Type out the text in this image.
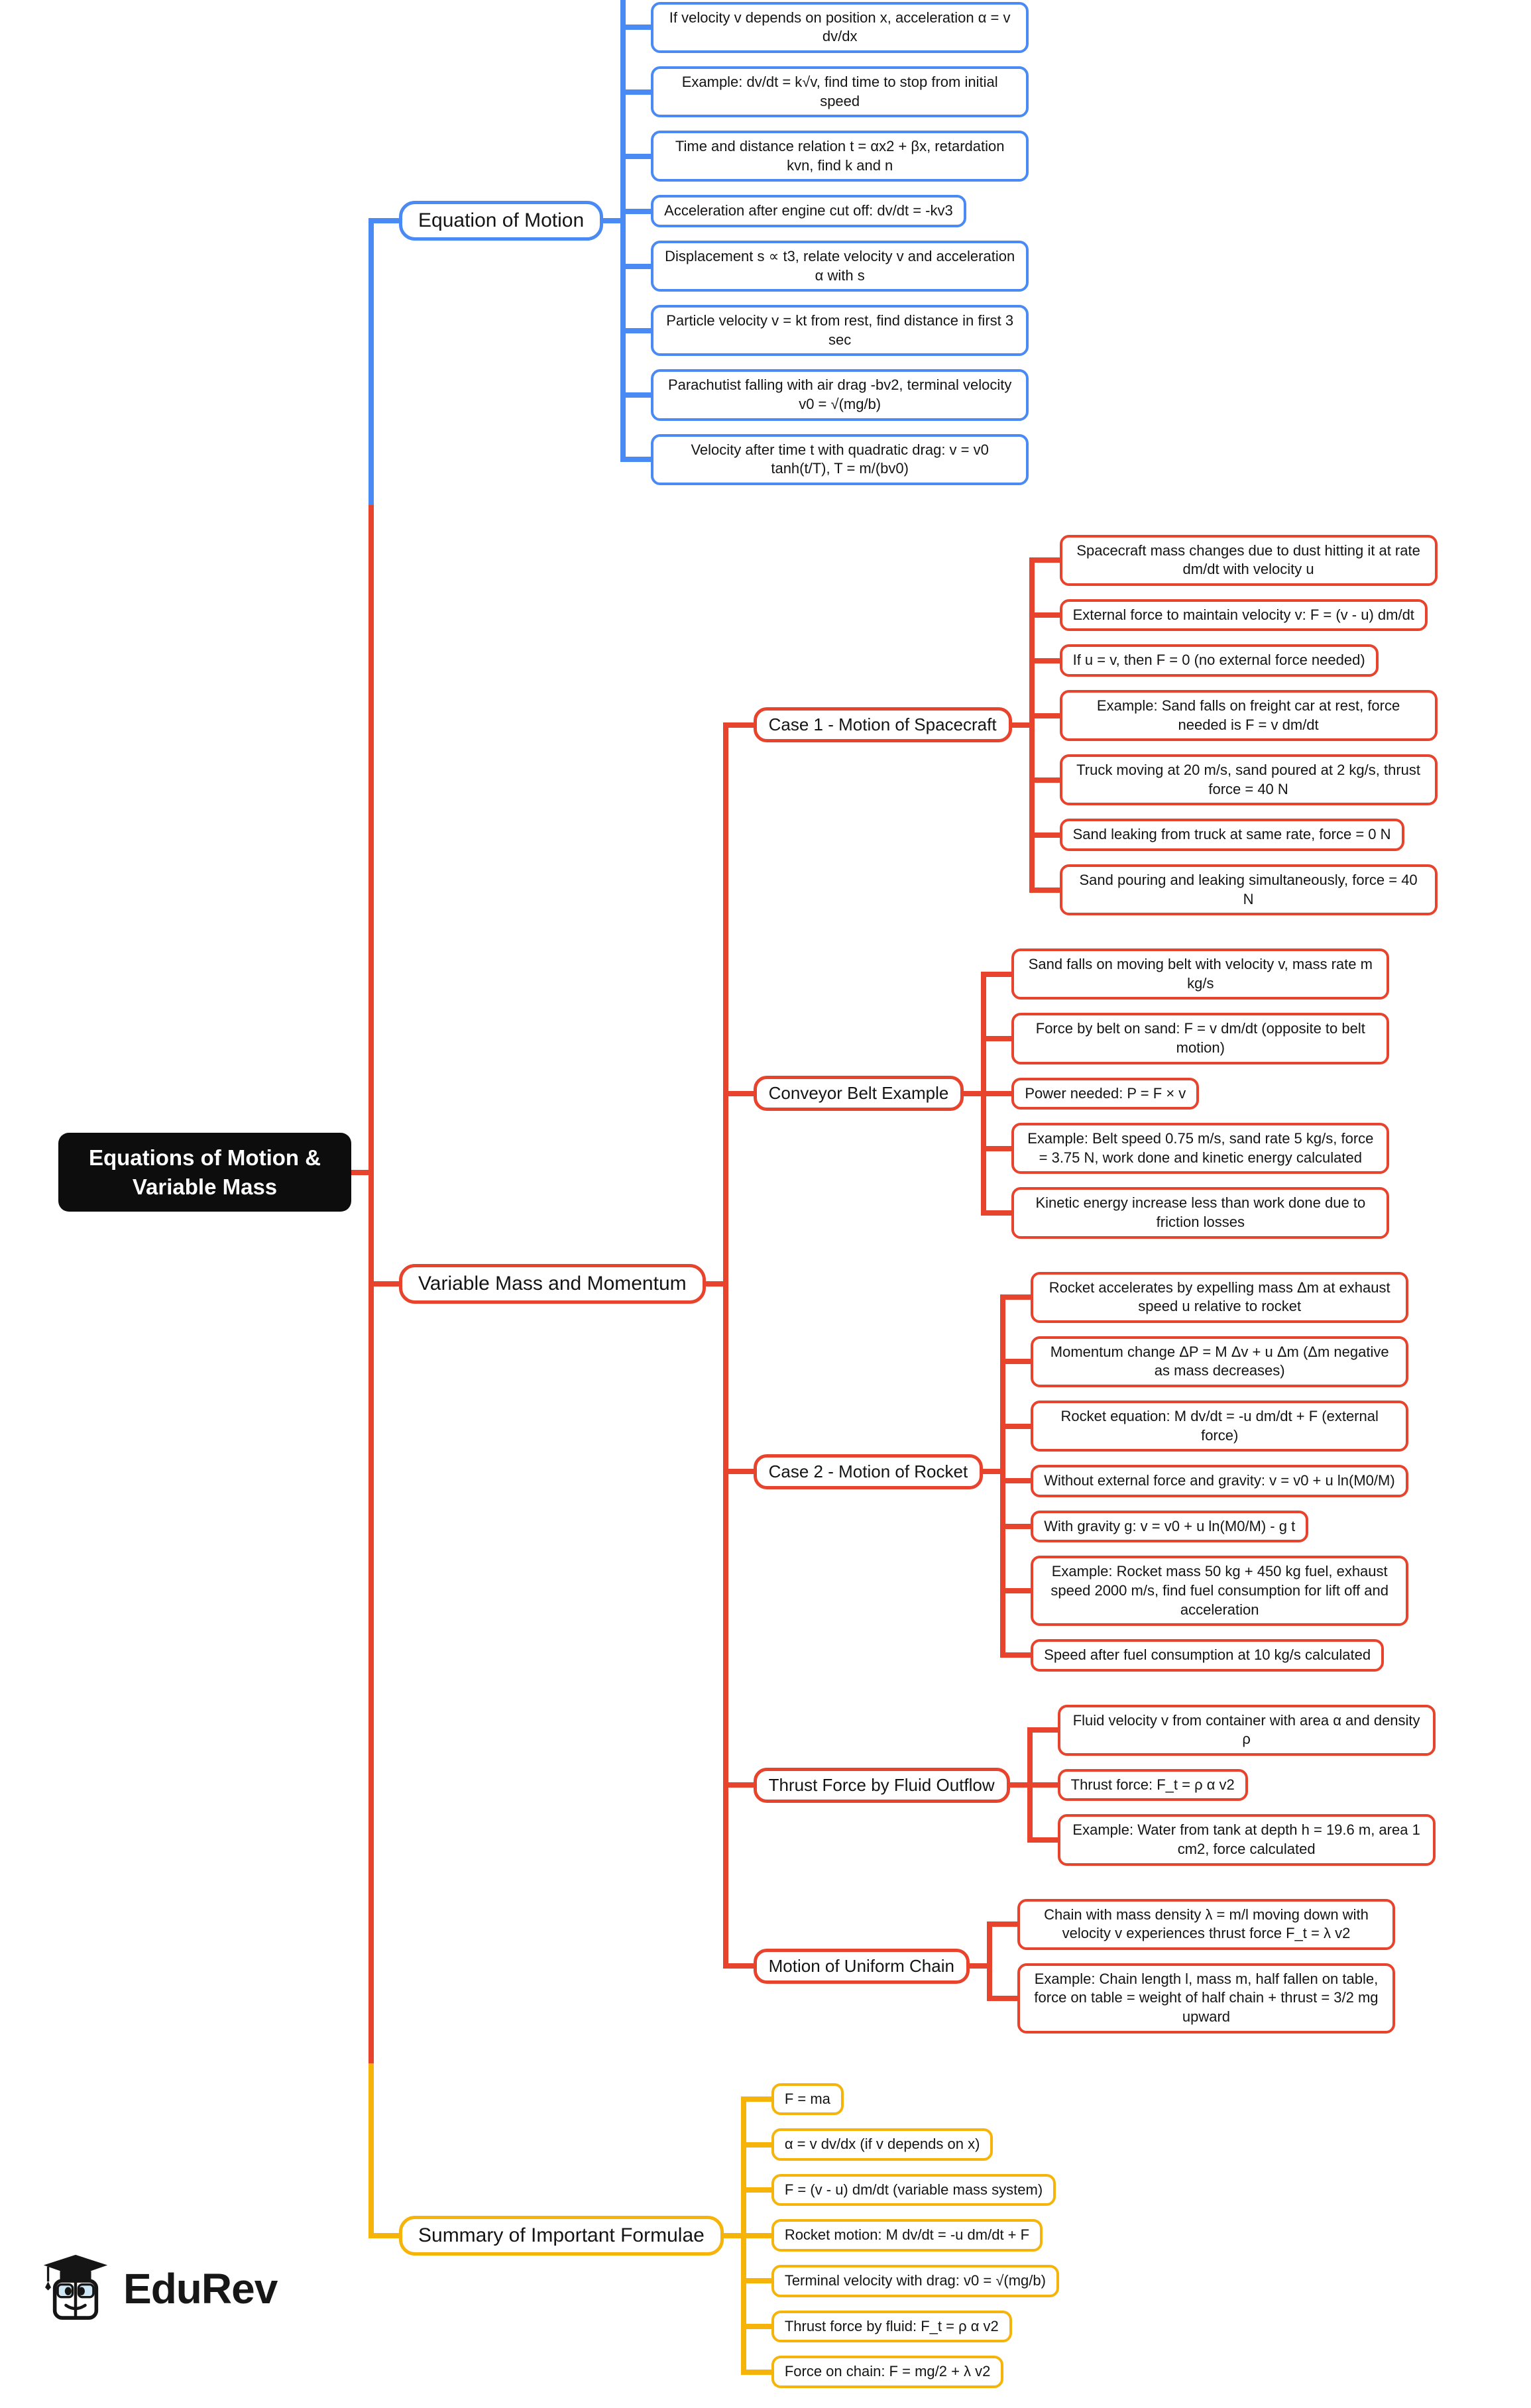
Equations of Motion & Variable Mass
Equation of Motion
If velocity v depends on position x, acceleration α = v dv/dx
Example: dv/dt = k√v, find time to stop from initial speed
Time and distance relation t = αx2 + βx, retardation kvn, find k and n
Acceleration after engine cut off: dv/dt = -kv3
Displacement s ∝ t3, relate velocity v and acceleration α with s
Particle velocity v = kt from rest, find distance in first 3 sec
Parachutist falling with air drag -bv2, terminal velocity v0 = √(mg/b)
Velocity after time t with quadratic drag: v = v0 tanh(t/T), T = m/(bv0)
Variable Mass and Momentum
Case 1 - Motion of Spacecraft
Spacecraft mass changes due to dust hitting it at rate dm/dt with velocity u
External force to maintain velocity v: F = (v - u) dm/dt
If u = v, then F = 0 (no external force needed)
Example: Sand falls on freight car at rest, force needed is F = v dm/dt
Truck moving at 20 m/s, sand poured at 2 kg/s, thrust force = 40 N
Sand leaking from truck at same rate, force = 0 N
Sand pouring and leaking simultaneously, force = 40 N
Conveyor Belt Example
Sand falls on moving belt with velocity v, mass rate m kg/s
Force by belt on sand: F = v dm/dt (opposite to belt motion)
Power needed: P = F × v
Example: Belt speed 0.75 m/s, sand rate 5 kg/s, force = 3.75 N, work done and kinetic energy calculated
Kinetic energy increase less than work done due to friction losses
Case 2 - Motion of Rocket
Rocket accelerates by expelling mass Δm at exhaust speed u relative to rocket
Momentum change ΔP = M Δv + u Δm (Δm negative as mass decreases)
Rocket equation: M dv/dt = -u dm/dt + F (external force)
Without external force and gravity: v = v0 + u ln(M0/M)
With gravity g: v = v0 + u ln(M0/M) - g t
Example: Rocket mass 50 kg + 450 kg fuel, exhaust speed 2000 m/s, find fuel consumption for lift off and acceleration
Speed after fuel consumption at 10 kg/s calculated
Thrust Force by Fluid Outflow
Fluid velocity v from container with area α and density ρ
Thrust force: F_t = ρ α v2
Example: Water from tank at depth h = 19.6 m, area 1 cm2, force calculated
Motion of Uniform Chain
Chain with mass density λ = m/l moving down with velocity v experiences thrust force F_t = λ v2
Example: Chain length l, mass m, half fallen on table, force on table = weight of half chain + thrust = 3/2 mg upward
Summary of Important Formulae
F = ma
α = v dv/dx (if v depends on x)
F = (v - u) dm/dt (variable mass system)
Rocket motion: M dv/dt = -u dm/dt + F
Terminal velocity with drag: v0 = √(mg/b)
Thrust force by fluid: F_t = ρ α v2
Force on chain: F = mg/2 + λ v2
EduRev
